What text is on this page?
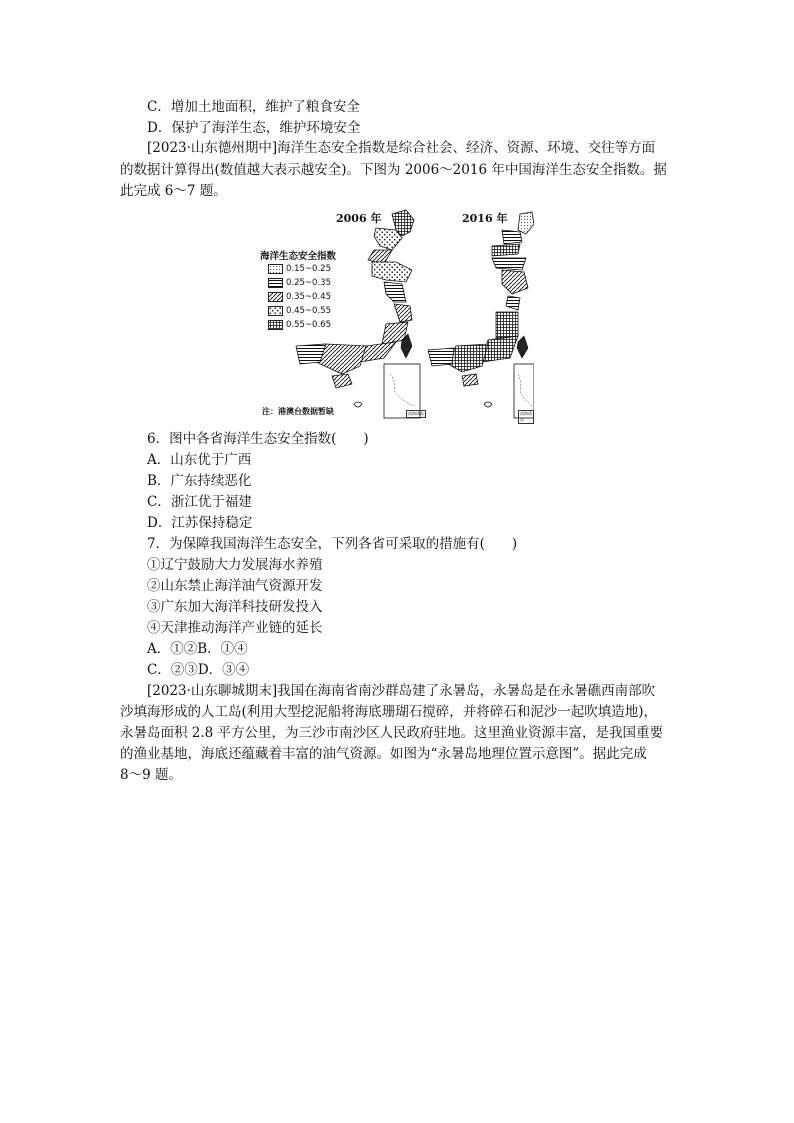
C．增加土地面积，维护了粮食安全
D．保护了海洋生态，维护环境安全
[2023·山东德州期中]海洋生态安全指数是综合社会、经济、资源、环境、交往等方面
的数据计算得出(数值越大表示越安全)。下图为 2006～2016 年中国海洋生态安全指数。据
此完成 6～7 题。
2006 年	2016 年
海洋生态安全指数
0.15~0.25
0.25~0.35
0.35~0.45
0.45~0.55
0.55~0.65
注：港澳台数据暂缺	南海诸岛	南海诸岛
6．图中各省海洋生态安全指数(　　)
A．山东优于广西
B．广东持续恶化
C．浙江优于福建
D．江苏保持稳定
7．为保障我国海洋生态安全，下列各省可采取的措施有(　　)
①辽宁鼓励大力发展海水养殖
②山东禁止海洋油气资源开发
③广东加大海洋科技研发投入
④天津推动海洋产业链的延长
A．①②B．①④
C．②③D．③④
[2023·山东聊城期末]我国在海南省南沙群岛建了永暑岛，永暑岛是在永暑礁西南部吹
沙填海形成的人工岛(利用大型挖泥船将海底珊瑚石搅碎，并将碎石和泥沙一起吹填造地)，
永暑岛面积 2.8 平方公里，为三沙市南沙区人民政府驻地。这里渔业资源丰富，是我国重要
的渔业基地，海底还蕴藏着丰富的油气资源。如图为“永暑岛地理位置示意图”。据此完成
8～9 题。
